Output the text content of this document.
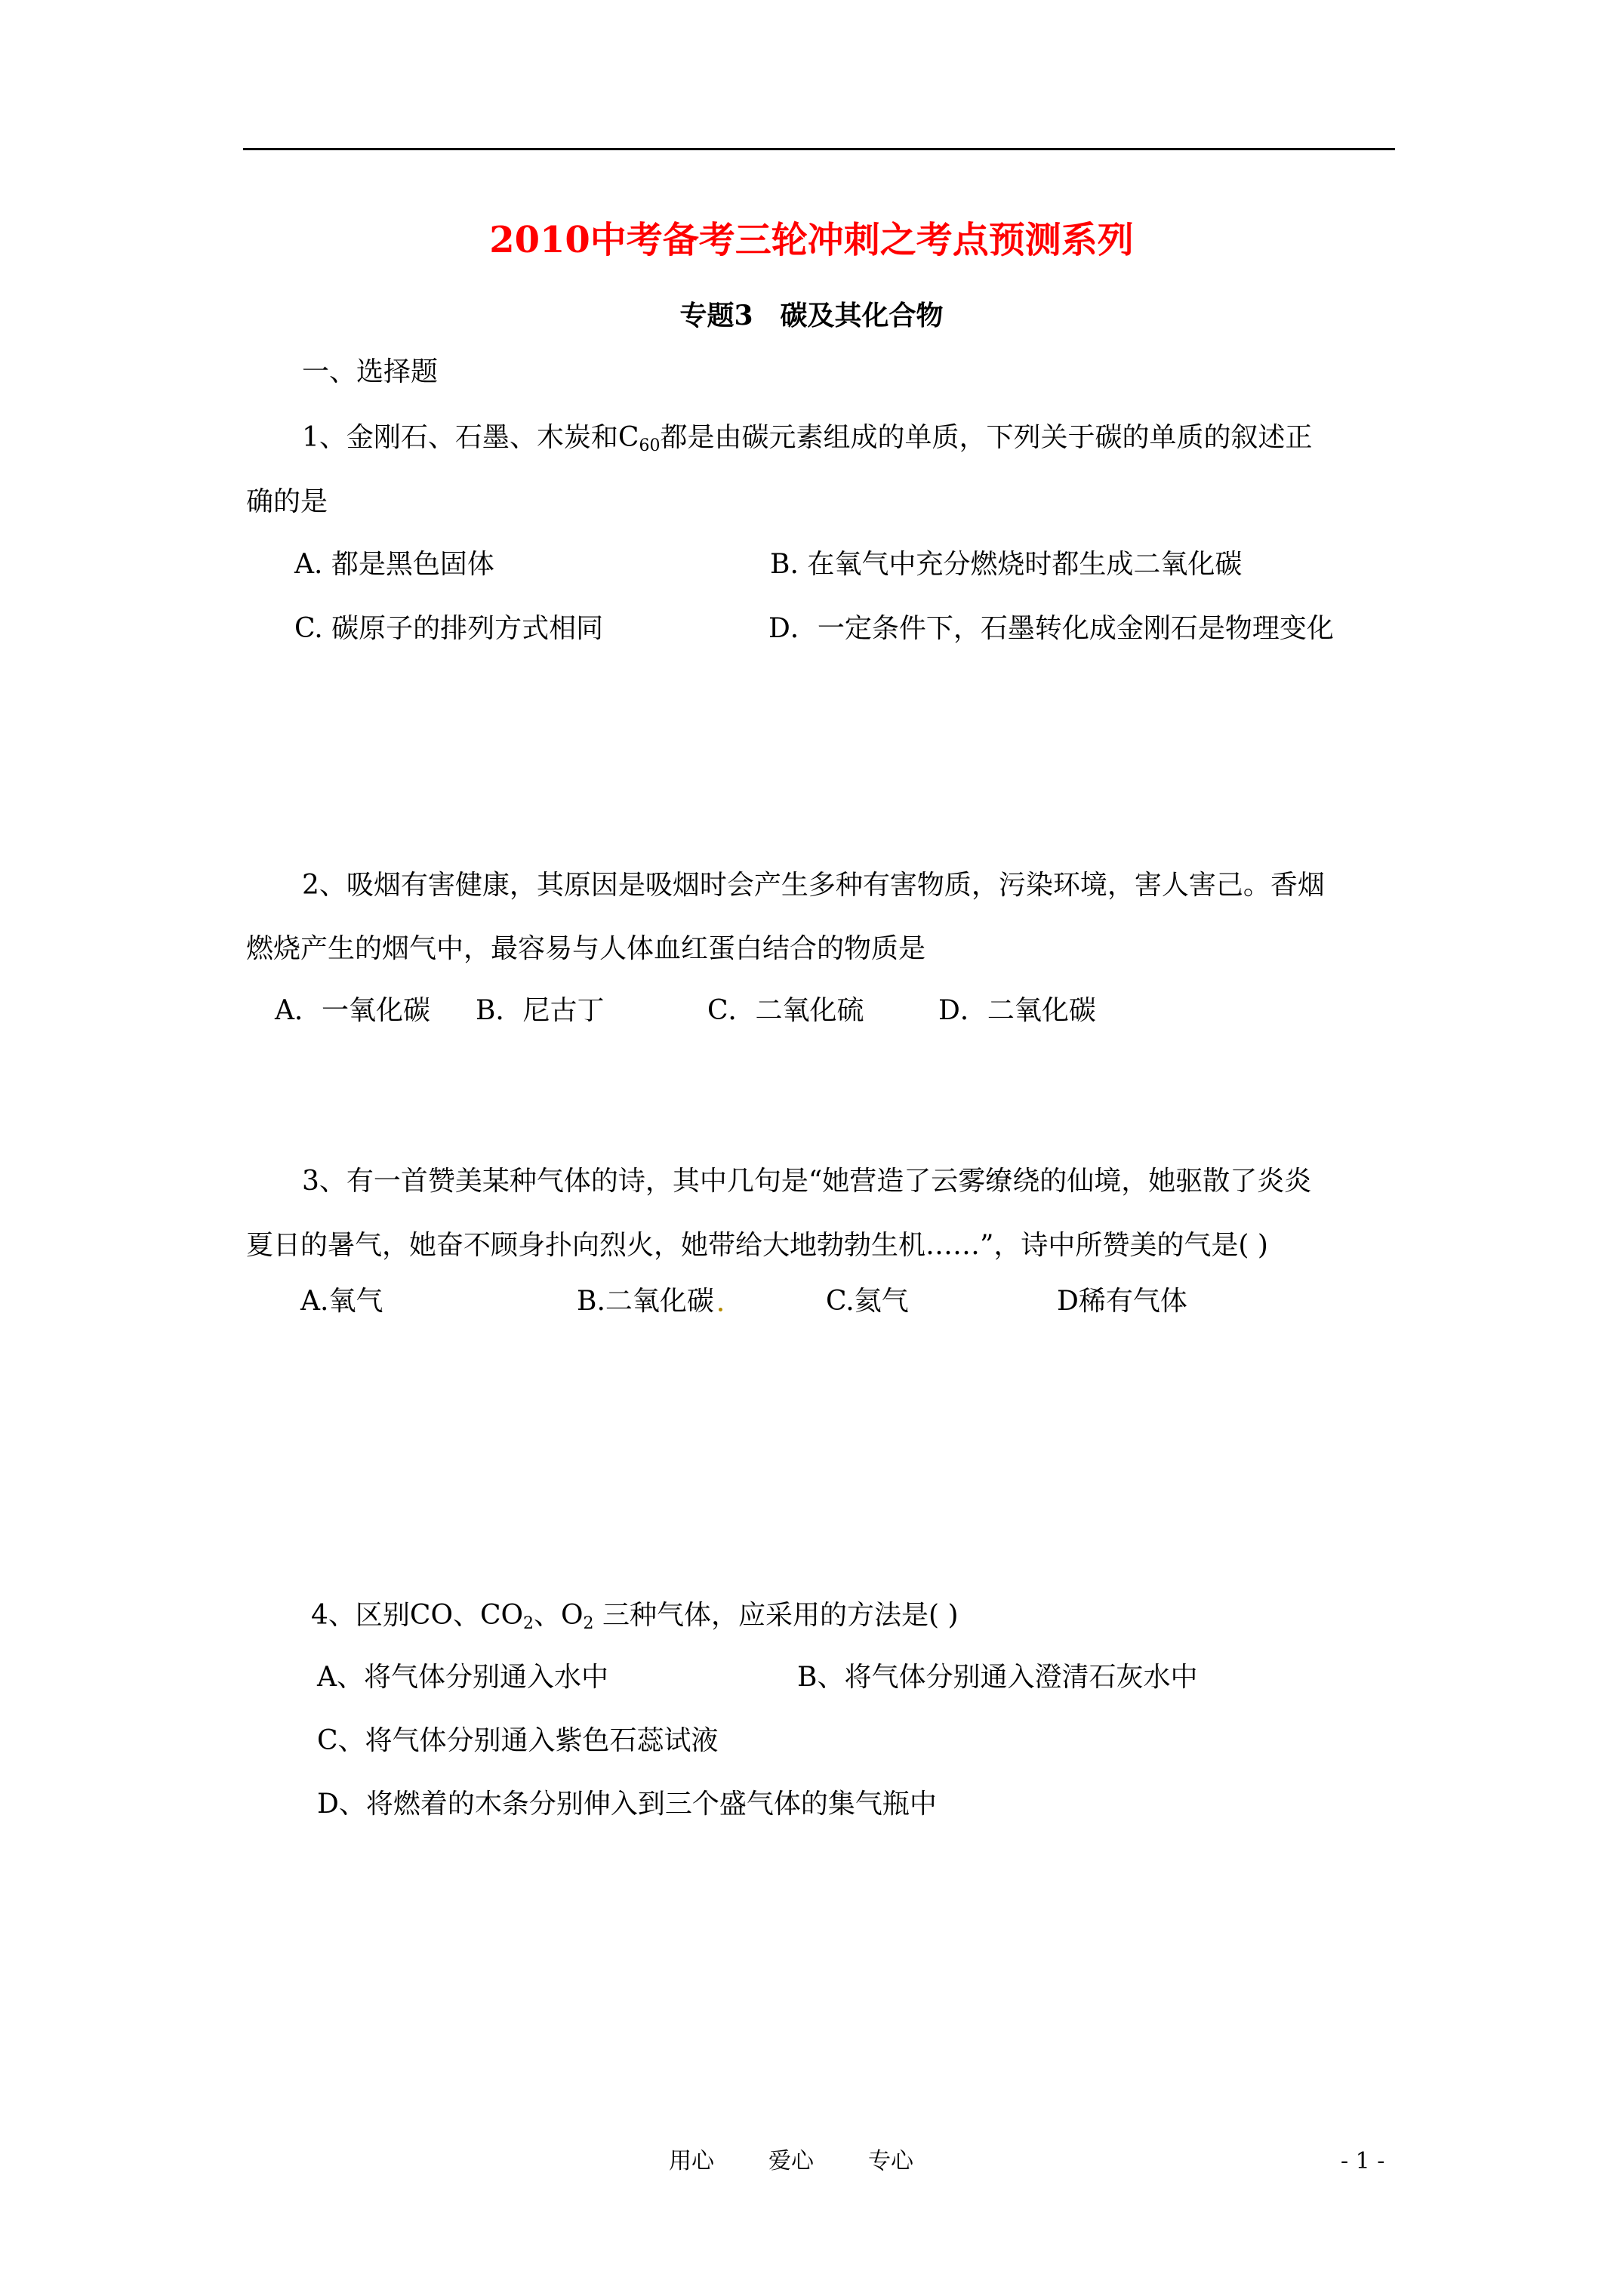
2010中考备考三轮冲刺之考点预测系列
专题3 碳及其化合物
一、选择题
1、金刚石、石墨、木炭和$C_{60}$都是由碳元素组成的单质，下列关于碳的单质的叙述正
确的是
A. 都是黑色固体	B. 在氧气中充分燃烧时都生成二氧化碳
C. 碳原子的排列方式相同	D．一定条件下，石墨转化成金刚石是物理变化
2、吸烟有害健康，其原因是吸烟时会产生多种有害物质，污染环境，害人害己。香烟
燃烧产生的烟气中，最容易与人体血红蛋白结合的物质是
A．一氧化碳 B．尼古丁	C．二氧化硫	D．二氧化碳
3、有一首赞美某种气体的诗，其中几句是“她营造了云雾缭绕的仙境，她驱散了炎炎
夏日的暑气，她奋不顾身扑向烈火，她带给大地勃勃生机……”，诗中所赞美的气是( )
A.氧气	B.二氧化碳	C.氦气	D稀有气体
4、区别CO、$CO_2$、$O_2$ 三种气体，应采用的方法是( )
A、将气体分别通入水中	B、将气体分别通入澄清石灰水中
C、将气体分别通入紫色石蕊试液
D、将燃着的木条分别伸入到三个盛气体的集气瓶中
用心 爱心 专心	- 1 -
